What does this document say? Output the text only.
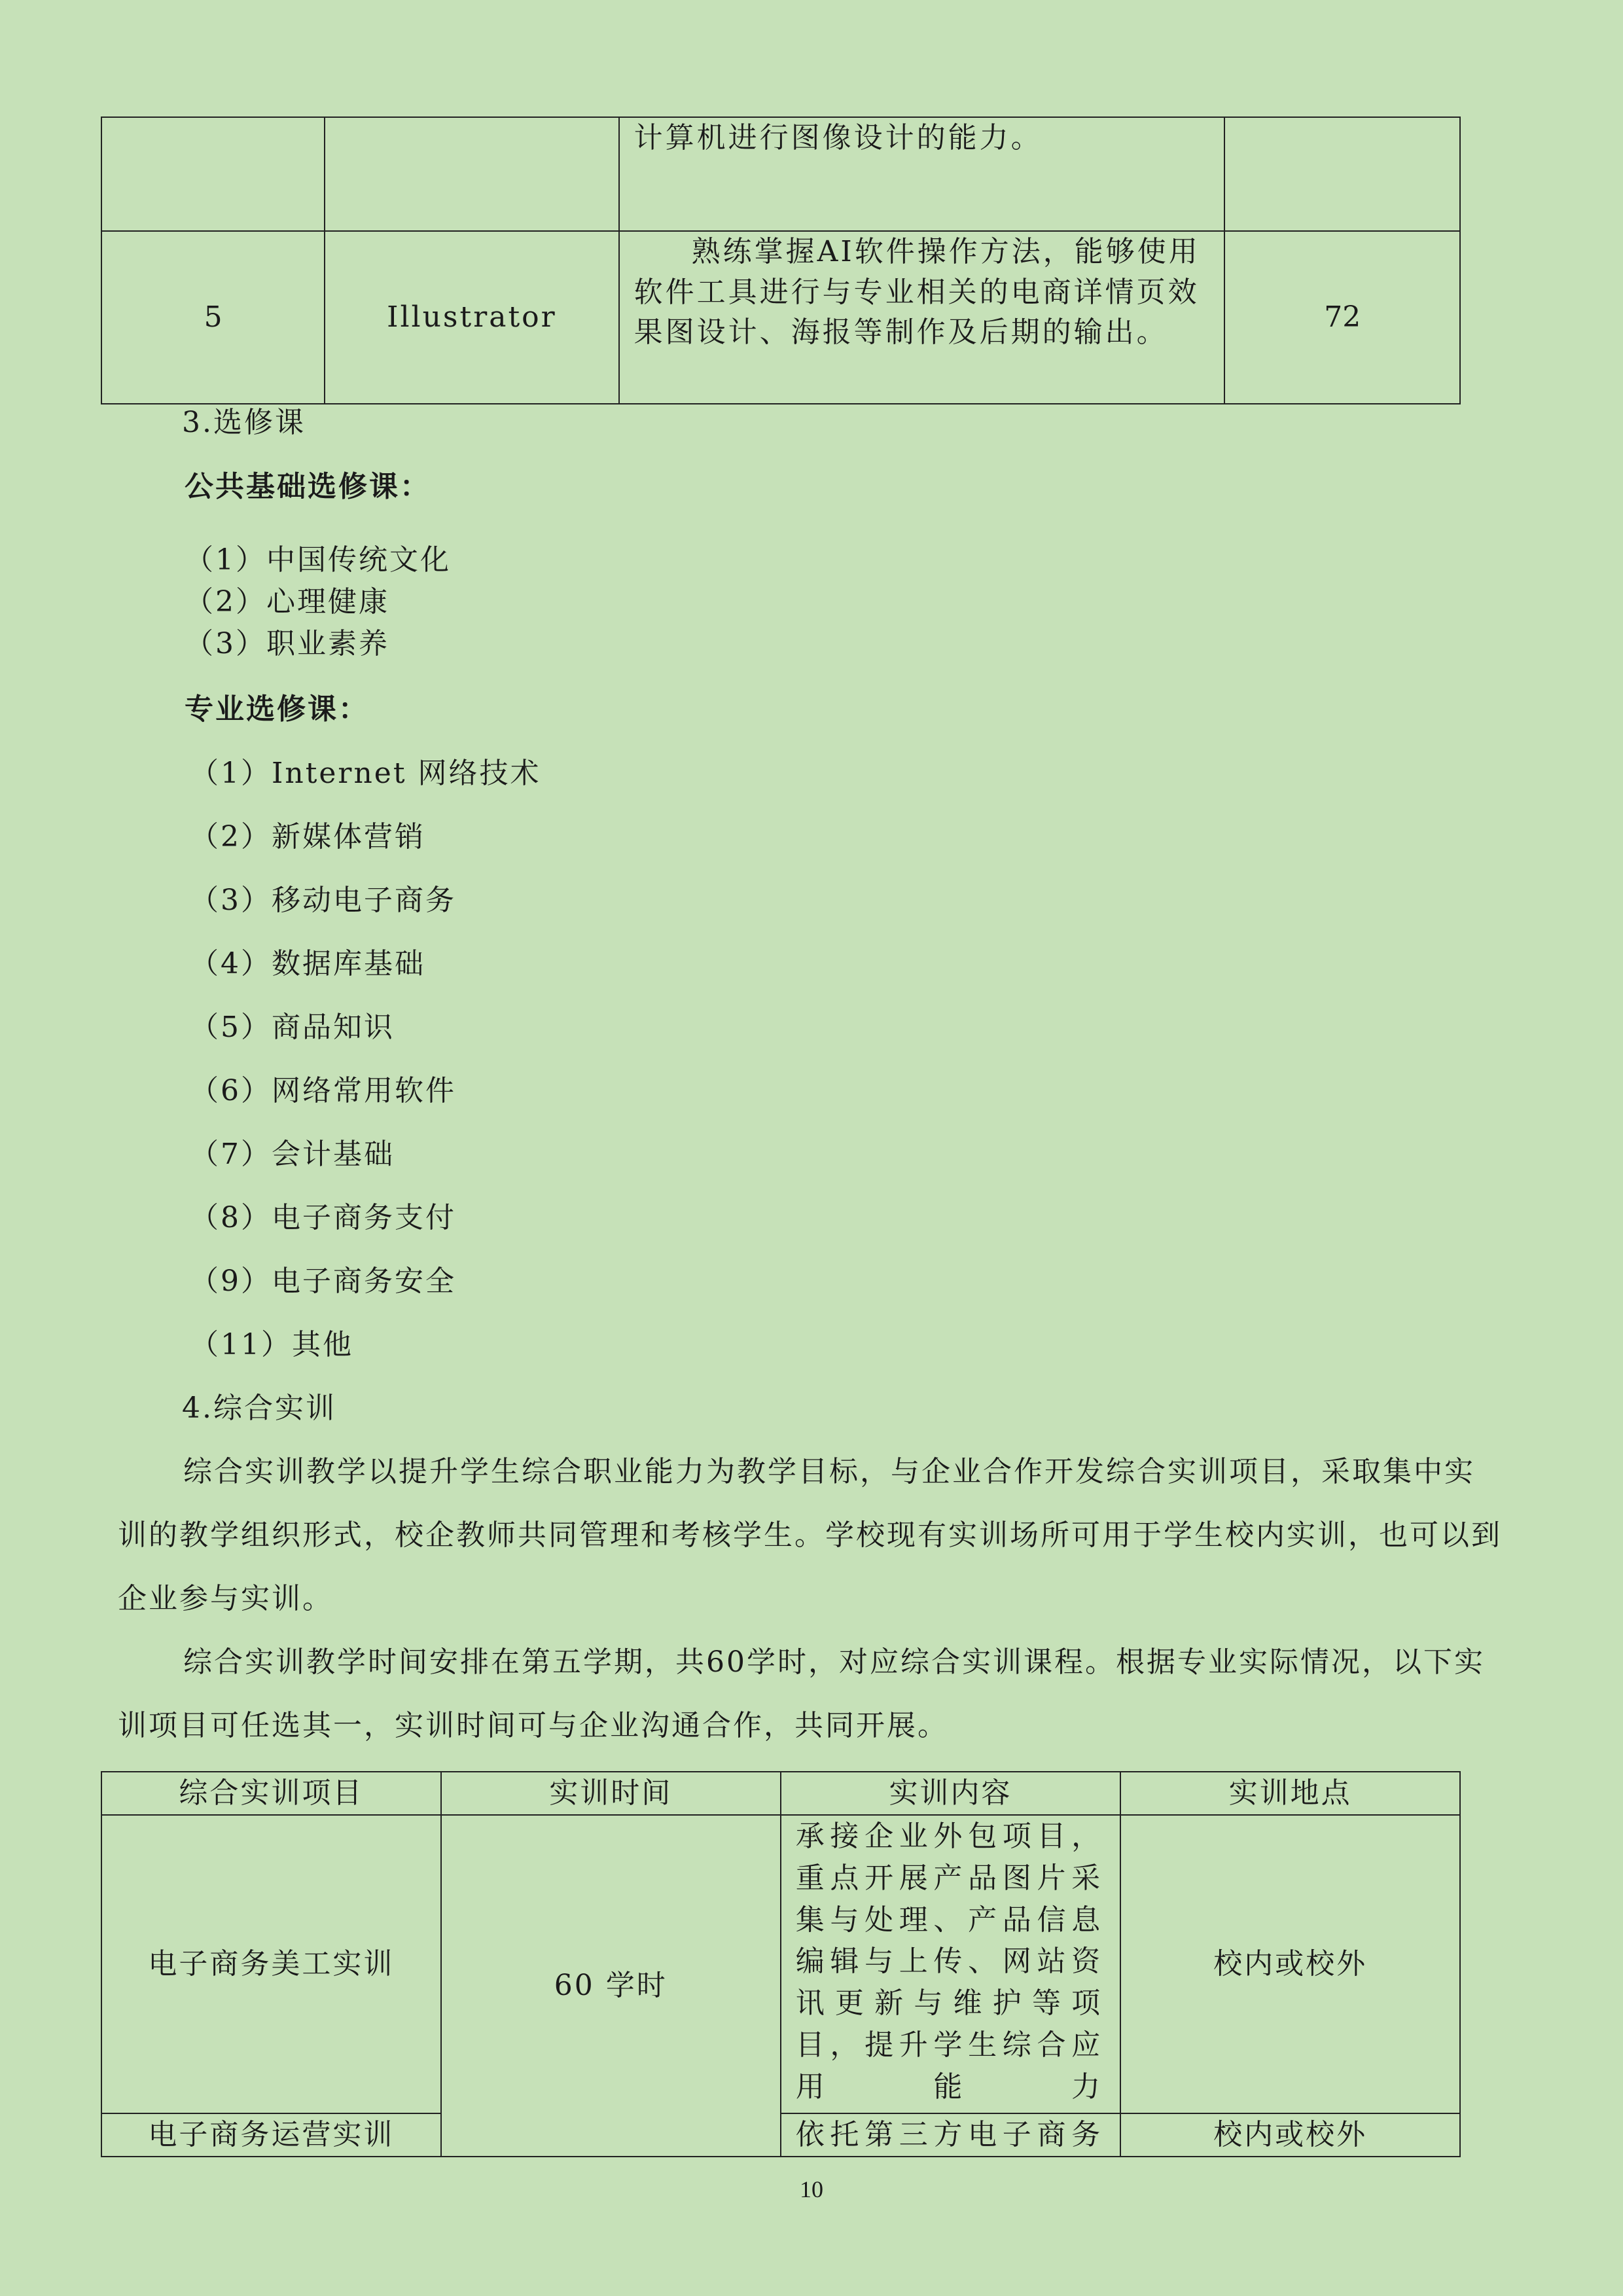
		计算机进行图像设计的能力。	
5	Illustrator	熟练掌握AI软件操作方法，能够使用软件工具进行与专业相关的电商详情页效果图设计、海报等制作及后期的输出。	72
3.选修课
公共基础选修课：
（1）中国传统文化
（2）心理健康
（3）职业素养
专业选修课：
（1）Internet 网络技术
（2）新媒体营销
（3）移动电子商务
（4）数据库基础
（5）商品知识
（6）网络常用软件
（7）会计基础
（8）电子商务支付
（9）电子商务安全
（11）其他
4.综合实训
综合实训教学以提升学生综合职业能力为教学目标，与企业合作开发综合实训项目，采取集中实训的教学组织形式，校企教师共同管理和考核学生。学校现有实训场所可用于学生校内实训，也可以到企业参与实训。
综合实训教学时间安排在第五学期，共60学时，对应综合实训课程。根据专业实际情况，以下实训项目可任选其一，实训时间可与企业沟通合作，共同开展。
综合实训项目	实训时间	实训内容	实训地点
电子商务美工实训	60 学时	承接企业外包项目，重点开展产品图片采集与处理、产品信息编辑与上传、网站资讯更新与维护等项目，提升学生综合应用能力	校内或校外
电子商务运营实训		依托第三方电子商务	校内或校外
10
